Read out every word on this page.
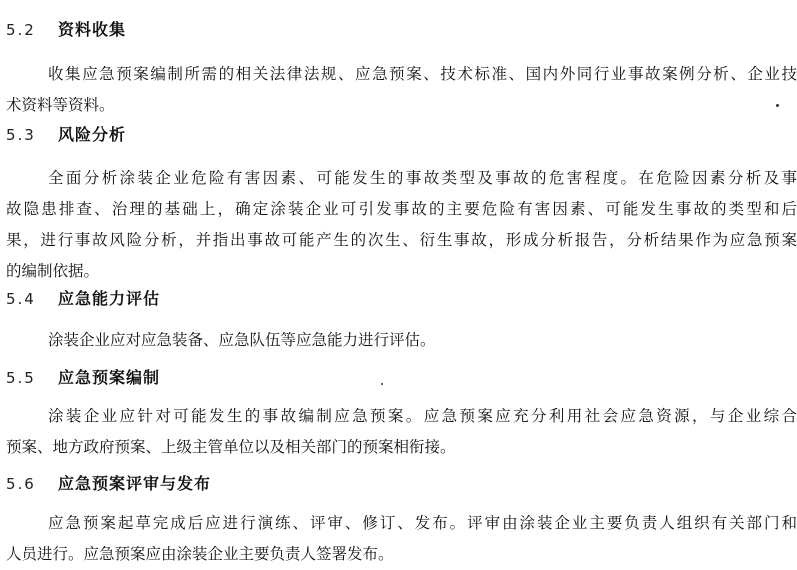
5.2 资料收集
收集应急预案编制所需的相关法律法规、应急预案、技术标准、国内外同行业事故案例分析、企业技
术资料等资料。
5.3 风险分析
全面分析涂装企业危险有害因素、可能发生的事故类型及事故的危害程度。在危险因素分析及事
故隐患排查、治理的基础上，确定涂装企业可引发事故的主要危险有害因素、可能发生事故的类型和后
果，进行事故风险分析，并指出事故可能产生的次生、衍生事故，形成分析报告，分析结果作为应急预案
的编制依据。
5.4 应急能力评估
涂装企业应对应急装备、应急队伍等应急能力进行评估。
5.5 应急预案编制
涂装企业应针对可能发生的事故编制应急预案。应急预案应充分利用社会应急资源，与企业综合
预案、地方政府预案、上级主管单位以及相关部门的预案相衔接。
5.6 应急预案评审与发布
应急预案起草完成后应进行演练、评审、修订、发布。评审由涂装企业主要负责人组织有关部门和
人员进行。应急预案应由涂装企业主要负责人签署发布。
